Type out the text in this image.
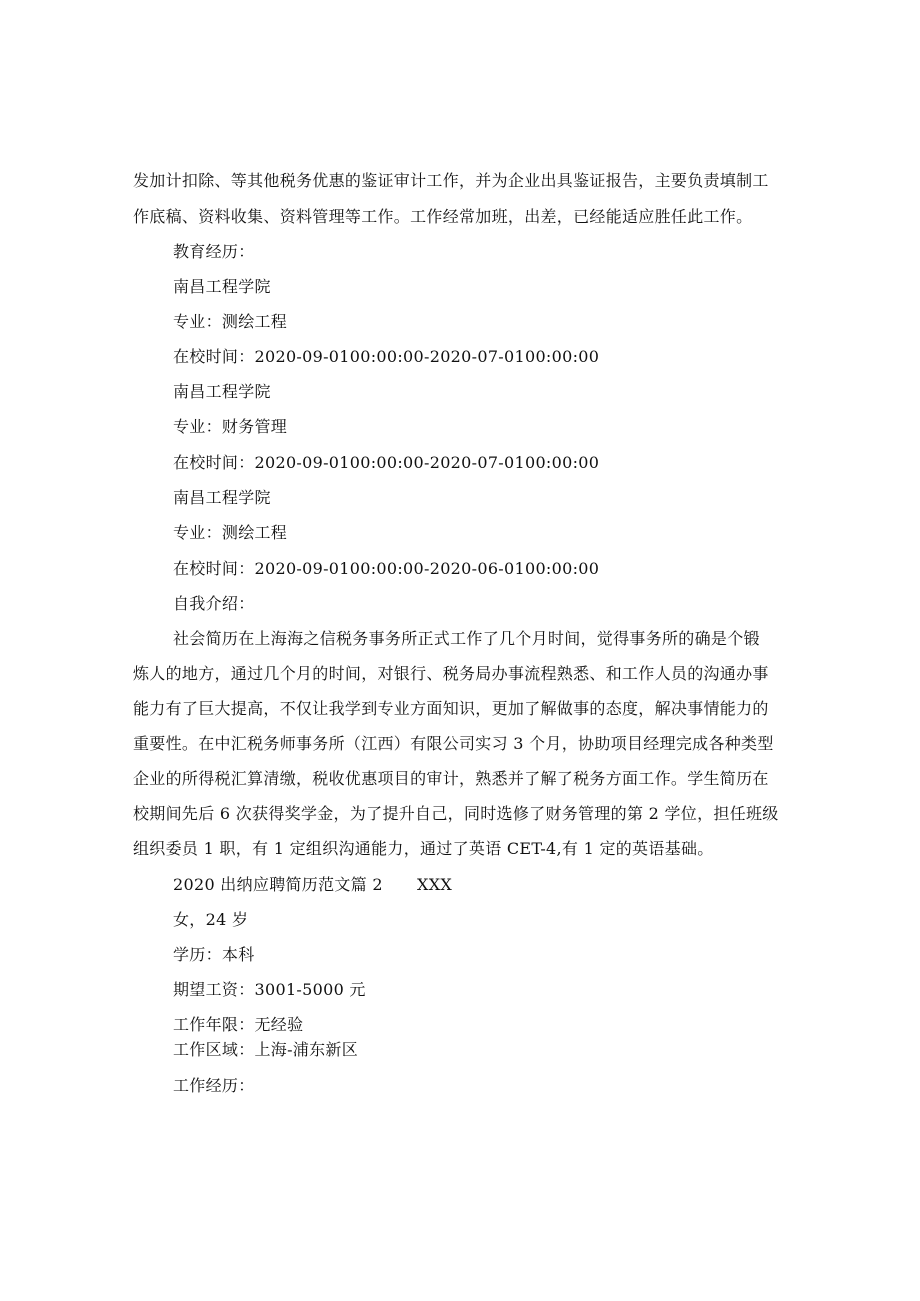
发加计扣除、等其他税务优惠的鉴证审计工作，并为企业出具鉴证报告，主要负责填制工
作底稿、资料收集、资料管理等工作。工作经常加班，出差，已经能适应胜任此工作。
教育经历：
南昌工程学院
专业：测绘工程
在校时间：2020-09-0100:00:00-2020-07-0100:00:00
南昌工程学院
专业：财务管理
在校时间：2020-09-0100:00:00-2020-07-0100:00:00
南昌工程学院
专业：测绘工程
在校时间：2020-09-0100:00:00-2020-06-0100:00:00
自我介绍：
社会简历在上海海之信税务事务所正式工作了几个月时间，觉得事务所的确是个锻
炼人的地方，通过几个月的时间，对银行、税务局办事流程熟悉、和工作人员的沟通办事
能力有了巨大提高，不仅让我学到专业方面知识，更加了解做事的态度，解决事情能力的
重要性。在中汇税务师事务所（江西）有限公司实习 3 个月，协助项目经理完成各种类型
企业的所得税汇算清缴，税收优惠项目的审计，熟悉并了解了税务方面工作。学生简历在
校期间先后 6 次获得奖学金，为了提升自己，同时选修了财务管理的第 2 学位，担任班级
组织委员 1 职，有 1 定组织沟通能力，通过了英语 CET-4,有 1 定的英语基础。
2020 出纳应聘简历范文篇 2 XXX
女，24 岁
学历：本科
期望工资：3001-5000 元
工作年限：无经验
工作区域：上海-浦东新区
工作经历：
